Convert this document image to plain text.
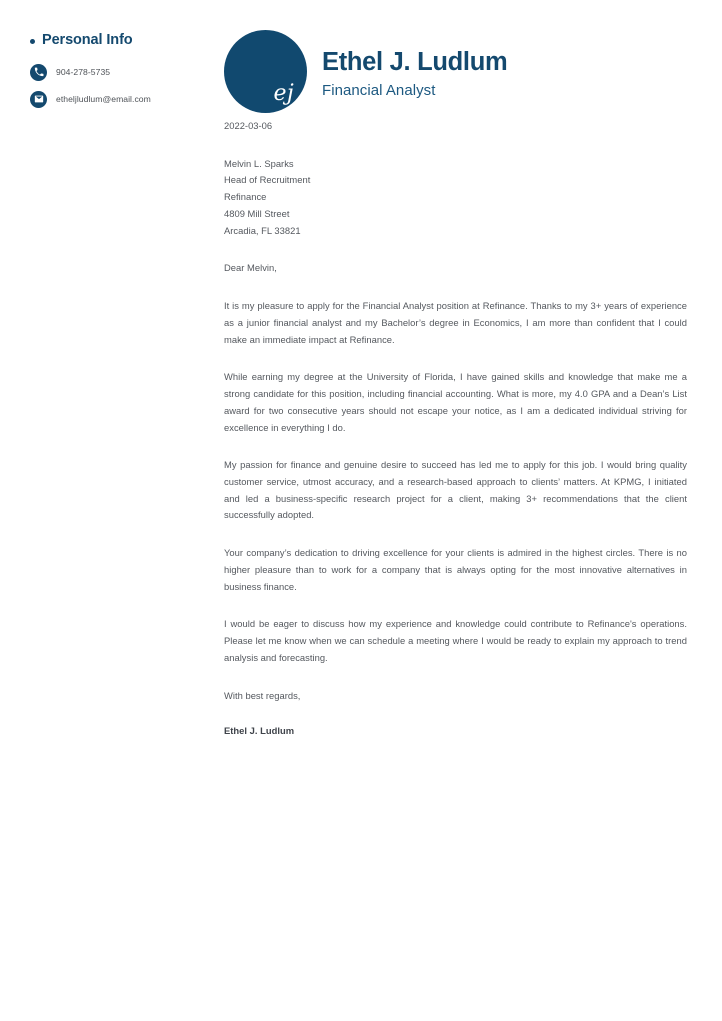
Personal Info
904-278-5735
etheljludlum@email.com	ej
Ethel J. Ludlum

Financial Analyst

2022-03-06
Melvin L. Sparks
Head of Recruitment
Refinance
4809 Mill Street
Arcadia, FL 33821
Dear Melvin,

It is my pleasure to apply for the Financial Analyst position at Refinance. Thanks to my 3+ years of experience as a junior financial analyst and my Bachelor’s degree in Economics, I am more than confident that I could make an immediate impact at Refinance.

While earning my degree at the University of Florida, I have gained skills and knowledge that make me a strong candidate for this position, including financial accounting. What is more, my 4.0 GPA and a Dean’s List award for two consecutive years should not escape your notice, as I am a dedicated individual striving for excellence in everything I do.

My passion for finance and genuine desire to succeed has led me to apply for this job. I would bring quality customer service, utmost accuracy, and a research-based approach to clients’ matters. At KPMG, I initiated and led a business-specific research project for a client, making 3+ recommendations that the client successfully adopted.

Your company’s dedication to driving excellence for your clients is admired in the highest circles. There is no higher pleasure than to work for a company that is always opting for the most innovative alternatives in business finance.

I would be eager to discuss how my experience and knowledge could contribute to Refinance's operations. Please let me know when we can schedule a meeting where I would be ready to explain my approach to trend analysis and forecasting.

With best regards,
Ethel J. Ludlum
